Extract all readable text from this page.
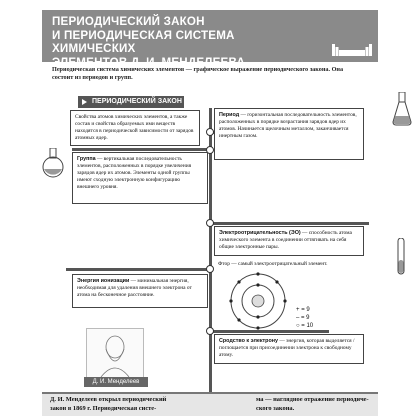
ПЕРИОДИЧЕСКИЙ ЗАКОН
И ПЕРИОДИЧЕСКАЯ СИСТЕМА ХИМИЧЕСКИХ
ЭЛЕМЕНТОВ Д. И. МЕНДЕЛЕЕВА
Периодическая система химических элементов — графическое выражение периодического закона. Она состоит из периодов и групп.
ПЕРИОДИЧЕСКИЙ ЗАКОН
Свойства атомов химических элементов, а также состав и свойства образуемых ими веществ находятся в периодической зависимости от зарядов атомных ядер.
Период — горизонтальная последовательность элементов, расположенных в порядке возрастания зарядов ядер их атомов. Начинается щелочным металлом, заканчивается инертным газом.
Группа — вертикальная последовательность элементов, расположенных в порядке увеличения зарядов ядер их атомов. Элементы одной группы имеют сходную электронную конфигурацию внешнего уровня.
Электроотрицательность (ЭО) — способность атома химического элемента в соединении оттягивать на себя общие электронные пары.
Фтор — самый электроотрицательный элемент.
Энергия ионизации — минимальная энергия, необходимая для удаления внешнего электрона от атома на бесконечное расстояние.
Сродство к электрону — энергия, которая выделяется / поглощается при присоединении электрона к свободному атому.
+ = 9
– = 9
○ = 10
Д. И. Менделеев
Д. И. Менделеев открыл периодический
закон в 1869 г. Периодическая систе-
ма — наглядное отражение периодиче-
ского закона.
